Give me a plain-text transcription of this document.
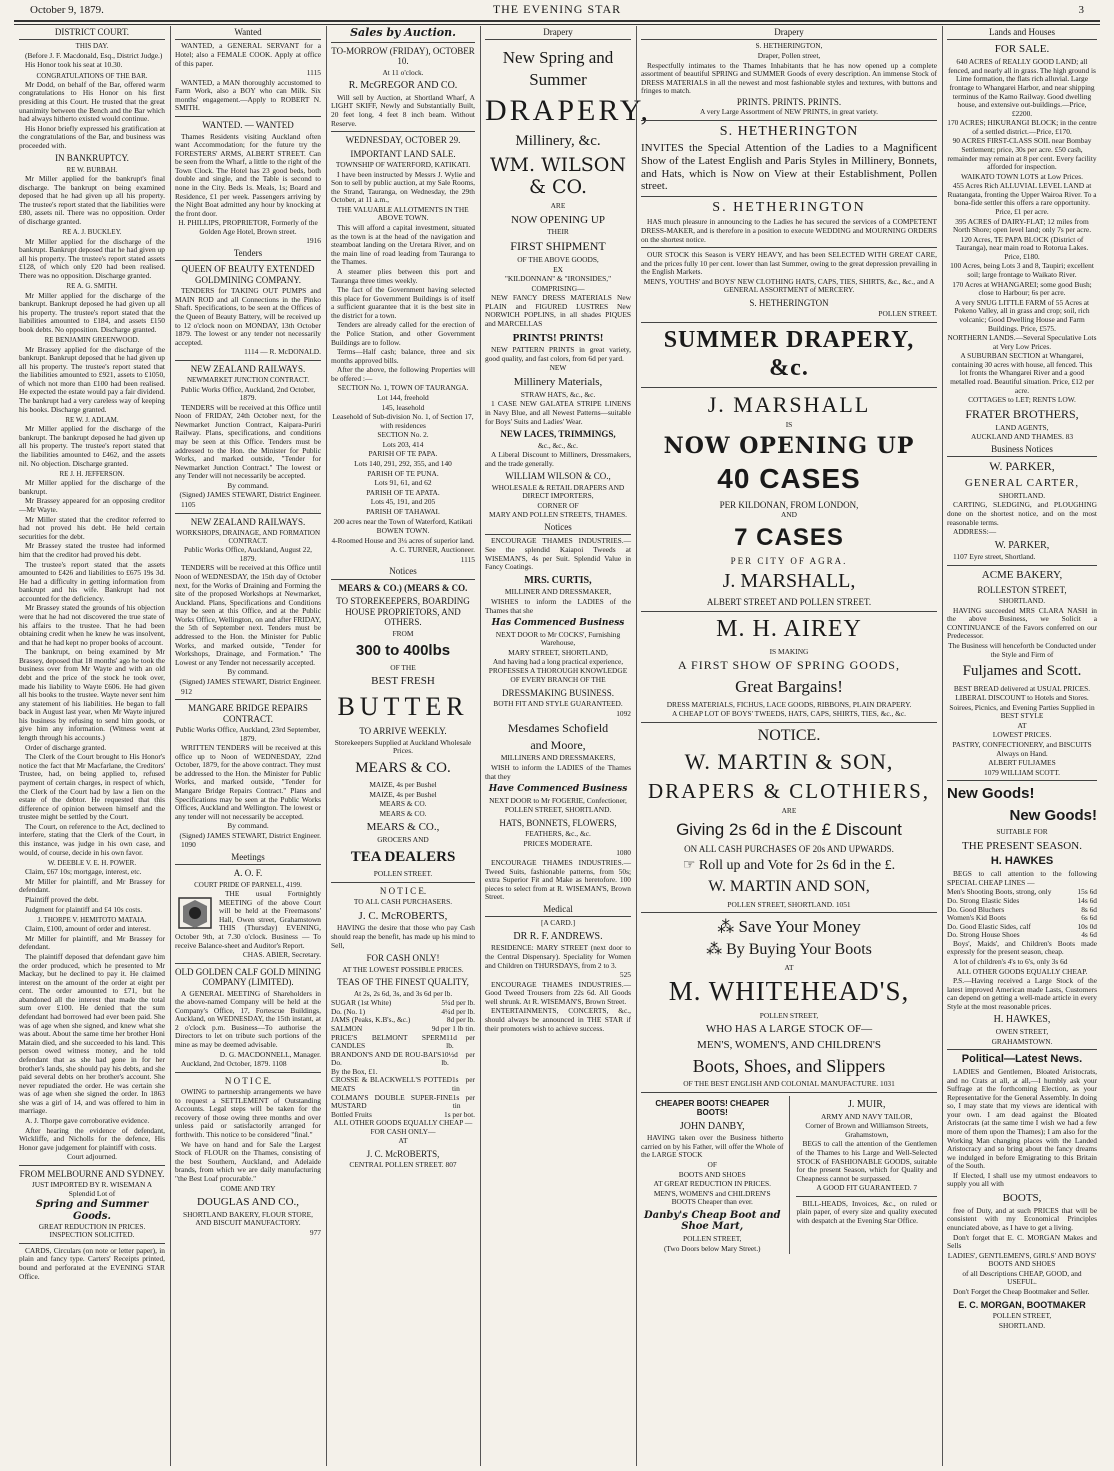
THE EVENING STAR
October 9, 1879.	3
DISTRICT COURT.
THIS DAY.

(Before J. F. Macdonald, Esq., District Judge.)

His Honor took his seat at 10.30.

CONGRATULATIONS OF THE BAR.

Mr Dodd, on behalf of the Bar, offered warm congratulations to His Honor on his first presiding at this Court. He trusted that the great unanimity between the Bench and the Bar which had always hitherto existed would continue.

His Honor briefly expressed his gratification at the congratulations of the Bar, and business was proceeded with.

IN BANKRUPTCY.
RE W. BURBAH.

Mr Miller applied for the bankrupt's final discharge. The bankrupt on being examined deposed that he had given up all his property. The trustee's report stated that the liabilities were £80, assets nil. There was no opposition. Order of discharge granted.

RE A. J. BUCKLEY.

Mr Miller applied for the discharge of the bankrupt. Bankrupt deposed that he had given up all his property. The trustee's report stated assets £128, of which only £20 had been realised. There was no opposition. Discharge granted.

RE A. G. SMITH.

Mr Miller applied for the discharge of the bankrupt. Bankrupt deposed he had given up all his property. The trustee's report stated that the liabilities amounted to £184, and assets £150 book debts. No opposition. Discharge granted.

RE BENJAMIN GREENWOOD.

Mr Brassey applied for the discharge of the bankrupt. Bankrupt deposed that he had given up all his property. The trustee's report stated that the liabilities amounted to £921, assets to £1050, of which not more than £100 had been realised. He expected the estate would pay a fair dividend. The bankrupt had a very careless way of keeping his books. Discharge granted.

RE W. J. ADLAM.

Mr Miller applied for the discharge of the bankrupt. The bankrupt deposed he had given up all his property. The trustee's report stated that the liabilities amounted to £462, and the assets nil. No objection. Discharge granted.

RE J. H. JEFFERSON.

Mr Miller applied for the discharge of the bankrupt.

Mr Brassey appeared for an opposing creditor—Mr Wayte.

Mr Miller stated that the creditor referred to had not proved his debt. He held certain securities for the debt.

Mr Brassey stated the trustee had informed him that the creditor had proved his debt.

The trustee's report stated that the assets amounted to £426 and liabilities to £675 19s 3d. He had a difficulty in getting information from bankrupt and his wife. Bankrupt had not accounted for the deficiency.

Mr Brassey stated the grounds of his objection were that he had not discovered the true state of his affairs to the trustee. That he had been obtaining credit when he knew he was insolvent, and that he had kept no proper books of account.

The bankrupt, on being examined by Mr Brassey, deposed that 18 months' ago he took the business over from Mr Wayte and with an old debt and the price of the stock he took over, made his liability to Wayte £606. He had given all his books to the trustee. Wayte never sent him any statement of his liabilities. He began to fall back in August last year, when Mr Wayte injured his business by refusing to send him goods, or give him any information. (Witness went at length through his accounts.)

Order of discharge granted.

The Clerk of the Court brought to His Honor's notice the fact that Mr Macfarlane, the Creditors' Trustee, had, on being applied to, refused payment of certain charges, in respect of which, the Clerk of the Court had by law a lien on the estate of the debtor. He requested that this difference of opinion between himself and the trustee might be settled by the Court.

The Court, on reference to the Act, declined to interfere, stating that the Clerk of the Court, in this instance, was judge in his own case, and would, of course, decide in his own favor.

W. DEEBLE V. E. H. POWER.

Claim, £67 10s; mortgage, interest, etc.

Mr Miller for plaintiff, and Mr Brassey for defendant.

Plaintiff proved the debt.

Judgment for plaintiff and £4 10s costs.

J. THORPE V. HEMITOTO MATAIA.

Claim, £100, amount of order and interest.

Mr Miller for plaintiff, and Mr Brassey for defendant.

The plaintiff deposed that defendant gave him the order produced, which he presented to Mr Mackay, but he declined to pay it. He claimed interest on the amount of the order at eight per cent. The order amounted to £71, but he abandoned all the interest that made the total sum over £100. He denied that the sum defendant had borrowed had ever been paid. She was of age when she signed, and knew what she was about. About the same time her brother Honi Matain died, and she succeeded to his land. This person owed witness money, and he told defendant that as she had gone in for her brother's lands, she should pay his debts, and she paid several debts on her brother's account. She never repudiated the order. He was certain she was of age when she signed the order. In 1863 she was a girl of 14, and was offered to him in marriage.

A. J. Thorpe gave corroborative evidence.

After hearing the evidence of defendant, Wickliffe, and Nicholls for the defence, His Honor gave judgement for plaintiff with costs.

Court adjourned.

FROM MELBOURNE AND SYDNEY.

JUST IMPORTED BY R. WISEMAN A Splendid Lot of

Spring and Summer Goods.

GREAT REDUCTION IN PRICES. INSPECTION SOLICITED.

CARDS, Circulars (on note or letter paper), in plain and fancy type. Carters' Receipts printed, bound and perforated at the EVENING STAR Office.

Wanted

WANTED, a GENERAL SERVANT for a Hotel; also a FEMALE COOK. Apply at office of this paper.

1115

WANTED, a MAN thoroughly accustomed to Farm Work, also a BOY who can Milk. Six months' engagement.—Apply to ROBERT N. SMITH.

WANTED. — WANTED

Thames Residents visiting Auckland often want Accommodation; for the future try the FORESTERS' ARMS, ALBERT STREET. Can be seen from the Wharf, a little to the right of the Town Clock. The Hotel has 23 good beds, both double and single, and the Table is second to none in the City. Beds 1s. Meals, 1s; Board and Residence, £1 per week. Passengers arriving by the Night Boat admitted any hour by knocking at the front door.

H. PHILLIPS, PROPRIETOR, Formerly of the Golden Age Hotel, Brown street.

1916

Tenders
QUEEN OF BEAUTY EXTENDED GOLDMINING COMPANY.

TENDERS for TAKING OUT PUMPS and MAIN ROD and all Connections in the Pinko Shaft. Specifications, to be seen at the Offices of the Queen of Beauty Battery, will be received up to 12 o'clock noon on MONDAY, 13th October 1879. The lowest or any tender not necessarily accepted.

1114 — R. McDONALD.

NEW ZEALAND RAILWAYS.
NEWMARKET JUNCTION CONTRACT.

Public Works Office, Auckland, 2nd October, 1879.

TENDERS will be received at this Office until Noon of FRIDAY, 24th October next, for the Newmarket Junction Contract, Kaipara-Puriri Railway. Plans, specifications, and conditions may be seen at this Office. Tenders must be addressed to the Hon. the Minister for Public Works, and marked outside, "Tender for Newmarket Junction Contract." The lowest or any Tender will not necessarily be accepted.

By command.

(Signed) JAMES STEWART, District Engineer.

1105

NEW ZEALAND RAILWAYS.
WORKSHOPS, DRAINAGE, AND FORMATION CONTRACT.

Public Works Office, Auckland, August 22, 1879.

TENDERS will be received at this Office until Noon of WEDNESDAY, the 15th day of October next, for the Works of Draining and Forming the site of the proposed Workshops at Newmarket, Auckland. Plans, Specifications and Conditions may be seen at this Office, and at the Public Works Office, Wellington, on and after FRIDAY, the 5th of September next. Tenders must be addressed to the Hon. the Minister for Public Works, and marked outside, "Tender for Workshops, Drainage, and Formation." The Lowest or any Tender not necessarily accepted.

By command.

(Signed) JAMES STEWART, District Engineer.

912

MANGARE BRIDGE REPAIRS CONTRACT.

Public Works Office, Auckland, 23rd September, 1879.

WRITTEN TENDERS will be received at this office up to Noon of WEDNESDAY, 22nd October, 1879, for the above contract. They must be addressed to the Hon. the Minister for Public Works, and marked outside, "Tender for Mangare Bridge Repairs Contract." Plans and Specifications may be seen at the Public Works Offices, Auckland and Wellington. The lowest or any tender will not necessarily be accepted.

By command.

(Signed) JAMES STEWART, District Engineer.

1090

Meetings
A. O. F.
COURT PRIDE OF PARNELL, 4199.

THE usual Fortnightly MEETING of the above Court will be held at the Freemasons' Hall, Owen street, Grahamstown THIS (Thursday) EVENING, October 9th, at 7.30 o'clock. Business — To receive Balance-sheet and Auditor's Report.

CHAS. ABIER, Secretary.

OLD GOLDEN CALF GOLD MINING COMPANY (LIMITED).

A GENERAL MEETING of Shareholders in the above-named Company will be held at the Company's Office, 17, Fortescue Buildings, Auckland, on WEDNESDAY, the 15th instant, at 2 o'clock p.m. Business—To authorise the Directors to let on tribute such portions of the mine as may be deemed advisable.

D. G. MACDONNELL, Manager.

Auckland, 2nd October, 1879. 1108

N O T I C E.

OWING to partnership arrangements we have to request a SETTLEMENT of Outstanding Accounts. Legal steps will be taken for the recovery of those owing three months and over unless paid or satisfactorily arranged for forthwith. This notice to be considered "final."

We have on hand and for Sale the Largest Stock of FLOUR on the Thames, consisting of the best Southern, Auckland, and Adelaide brands, from which we are daily manufacturing "the Best Loaf procurable."

COME AND TRY

DOUGLAS AND CO.,

SHORTLAND BAKERY, FLOUR STORE, AND BISCUIT MANUFACTORY.

977

Sales by Auction.
TO-MORROW (FRIDAY), OCTOBER 10.

At 11 o'clock.

R. McGREGOR AND CO.

Will sell by Auction, at Shortland Wharf, A LIGHT SKIFF, Newly and Substantially Built, 20 feet long, 4 feet 8 inch beam. Without Reserve.

WEDNESDAY, OCTOBER 29.
IMPORTANT LAND SALE.

TOWNSHIP OF WATERFORD, KATIKATI.

I have been instructed by Messrs J. Wylie and Son to sell by public auction, at my Sale Rooms, the Strand, Tauranga, on Wednesday, the 29th October, at 11 a.m.,

THE VALUABLE ALLOTMENTS IN THE ABOVE TOWN.

This will afford a capital investment, situated as the town is at the head of the navigation and steamboat landing on the Uretara River, and on the main line of road leading from Tauranga to the Thames.

A steamer plies between this port and Tauranga three times weekly.

The fact of the Government having selected this place for Government Buildings is of itself a sufficient guarantee that it is the best site in the district for a town.

Tenders are already called for the erection of the Police Station, and other Government Buildings are to follow.

Terms—Half cash; balance, three and six months approved bills.

After the above, the following Properties will be offered :—

SECTION No. 1, TOWN OF TAURANGA.

Lot 144, freehold

145, leasehold

Leasehold of Sub-division No. 1, of Section 17, with residences

SECTION No. 2.

Lots 203, 414

PARISH OF TE PAPA.

Lots 140, 291, 292, 355, and 140

PARISH OF TE PUNA.

Lots 91, 61, and 62

PARISH OF TE APATA.

Lots 45, 191, and 205

PARISH OF TAHAWAI.

200 acres near the Town of Waterford, Katikati

BOWEN TOWN.

4-Roomed House and 3¼ acres of superior land.

A. C. TURNER, Auctioneer.

1115

Notices
MEARS & CO.) (MEARS & CO.
TO STOREKEEPERS, BOARDING HOUSE PROPRIETORS, AND OTHERS.

FROM

300 to 400lbs

OF THE

BEST FRESH
BUTTER
TO ARRIVE WEEKLY.

Storekeepers Supplied at Auckland Wholesale Prices.

MEARS & CO.

MAIZE, 4s per Bushel

MAIZE, 4s per Bushel

MEARS & CO.

MEARS & CO.

MEARS & CO.,

GROCERS AND

TEA DEALERS

POLLEN STREET.

N O T I C E.

TO ALL CASH PURCHASERS.

J. C. McROBERTS,

HAVING the desire that those who pay Cash should reap the benefit, has made up his mind to Sell,

FOR CASH ONLY!

AT THE LOWEST POSSIBLE PRICES.

TEAS OF THE FINEST QUALITY,

At 2s, 2s 6d, 3s, and 3s 6d per lb.

SUGAR (1st White)	5¼d per lb.
Do. (No. 1)	4¼d per lb.
JAMS (Peaks, K.B's., &c.)	8d per lb.
SALMON	9d per 1 lb tin.
PRICE'S BELMONT SPERM CANDLES
11d per lb.
BRANDON'S AND DE ROU-BAI'S Do.
10½d per lb.
By the Box, £1.
CROSSE & BLACKWELL'S POTTED MEATS
1s per tin
COLMAN'S DOUBLE SUPER-FINE MUSTARD
1s per tin
Bottled Fruits	1s per bot.

ALL OTHER GOODS EQUALLY CHEAP —FOR CASH ONLY—

AT

J. C. McROBERTS,

CENTRAL POLLEN STREET. 807

Drapery
New Spring and
Summer
DRAPERY,
Millinery, &c.
WM. WILSON & CO.

ARE

NOW OPENING UP

THEIR

FIRST SHIPMENT

OF THE ABOVE GOODS,

EX

"KILDONNAN" & "IRONSIDES,"

COMPRISING—

NEW FANCY DRESS MATERIALS New PLAIN and FIGURED LUSTRES New NORWICH POPLINS, in all shades PIQUES and MARCELLAS

PRINTS! PRINTS!

NEW PATTERN PRINTS in great variety, good quality, and fast colors, from 6d per yard.

NEW

Millinery Materials,

STRAW HATS, &c., &c.

1 CASE NEW GALATEA STRIPE LINENS in Navy Blue, and all Newest Patterns—suitable for Boys' Suits and Ladies' Wear.

NEW LACES, TRIMMINGS,

&c., &c., &c.

A Liberal Discount to Milliners, Dressmakers, and the trade generally.

WILLIAM WILSON & CO.,

WHOLESALE & RETAIL DRAPERS AND DIRECT IMPORTERS,

CORNER OF

MARY AND POLLEN STREETS, THAMES.

Notices

ENCOURAGE THAMES INDUSTRIES.—See the splendid Kaiapoi Tweeds at WISEMAN'S, 4s per Suit. Splendid Value in Fancy Coatings.

MRS. CURTIS,

MILLINER AND DRESSMAKER,

WISHES to inform the LADIES of the Thames that she

Has Commenced Business

NEXT DOOR to Mr COCKS', Furnishing Warehouse,

MARY STREET, SHORTLAND,

And having had a long practical experience, PROFESSES A THOROUGH KNOWLEDGE

OF EVERY BRANCH OF THE

DRESSMAKING BUSINESS.

BOTH FIT AND STYLE GUARANTEED.

1092

Mesdames Schofield
and Moore,

MILLINERS AND DRESSMAKERS,

WISH to inform the LADIES of the Thames that they

Have Commenced Business

NEXT DOOR to Mr FOGERIE, Confectioner,

POLLEN STREET, SHORTLAND.

HATS, BONNETS, FLOWERS,

FEATHERS, &c., &c.

PRICES MODERATE.

1080

ENCOURAGE THAMES INDUSTRIES.—Tweed Suits, fashionable patterns, from 50s; extra Superior Fit and Make as heretofore. 100 pieces to select from at R. WISEMAN'S, Brown Street.

Medical

[A CARD.]

DR R. F. ANDREWS.

RESIDENCE: MARY STREET (next door to the Central Dispensary). Speciality for Women and Children on THURSDAYS, from 2 to 3.

525

ENCOURAGE THAMES INDUSTRIES.—Good Tweed Trousers from 22s 6d. All Goods well shrunk. At R. WISEMAN'S, Brown Street.

ENTERTAINMENTS, CONCERTS, &c., should always be announced in THE STAR if their promoters wish to achieve success.

Drapery

S. HETHERINGTON,

Draper, Pollen street,

Respectfully intimates to the Thames Inhabitants that he has now opened up a complete assortment of beautiful SPRING and SUMMER Goods of every description. An immense Stock of DRESS MATERIALS in all the newest and most fashionable styles and textures, with buttons and fringes to match.

PRINTS. PRINTS. PRINTS.

A very Large Assortment of NEW PRINTS, in great variety.

S. HETHERINGTON

INVITES the Special Attention of the Ladies to a Magnificent Show of the Latest English and Paris Styles in Millinery, Bonnets, and Hats, which is Now on View at their Establishment, Pollen street.

S. HETHERINGTON

HAS much pleasure in announcing to the Ladies he has secured the services of a COMPETENT DRESS-MAKER, and is therefore in a position to execute WEDDING and MOURNING ORDERS on the shortest notice.

OUR STOCK this Season is VERY HEAVY, and has been SELECTED WITH GREAT CARE, and the prices fully 10 per cent. lower than last Summer, owing to the great depression prevailing in the English Markets.

MEN'S, YOUTHS' and BOYS' NEW CLOTHING HATS, CAPS, TIES, SHIRTS, &c., &c., and A GENERAL ASSORTMENT of MERCERY.

S. HETHERINGTON

POLLEN STREET.

SUMMER DRAPERY, &c.
J. MARSHALL

IS

NOW OPENING UP
40 CASES

PER KILDONAN, FROM LONDON,

AND

7 CASES

PER CITY OF AGRA.

J. MARSHALL,

ALBERT STREET AND POLLEN STREET.

M. H. AIREY

IS MAKING

A FIRST SHOW OF SPRING GOODS,
Great Bargains!

DRESS MATERIALS, FICHUS, LACE GOODS, RIBBONS, PLAIN DRAPERY.

A CHEAP LOT OF BOYS' TWEEDS, HATS, CAPS, SHIRTS, TIES, &c., &c.

NOTICE.
W. MARTIN & SON,
DRAPERS & CLOTHIERS,

ARE

Giving 2s 6d in the £ Discount

ON ALL CASH PURCHASES OF 20s AND UPWARDS.

☞ Roll up and Vote for 2s 6d in the £.
W. MARTIN AND SON,

POLLEN STREET, SHORTLAND. 1051

⁂ Save Your Money
⁂ By Buying Your Boots

AT

M. WHITEHEAD'S,

POLLEN STREET,

WHO HAS A LARGE STOCK OF—
MEN'S, WOMEN'S, AND CHILDREN'S
Boots, Shoes, and Slippers

OF THE BEST ENGLISH AND COLONIAL MANUFACTURE. 1031

CHEAPER BOOTS! CHEAPER BOOTS!
JOHN DANBY,

HAVING taken over the Business hitherto carried on by his Father, will offer the Whole of the LARGE STOCK

OF

BOOTS AND SHOES

AT GREAT REDUCTION IN PRICES.

MEN'S, WOMEN'S and CHILDREN'S BOOTS Cheaper than ever.

Danby's Cheap Boot and Shoe Mart,

POLLEN STREET,

(Two Doors below Mary Street.)

J. MUIR,

ARMY AND NAVY TAILOR,

Corner of Brown and Williamson Streets, Grahamstown,

BEGS to call the attention of the Gentlemen of the Thames to his Large and Well-Selected STOCK of FASHIONABLE GOODS, suitable for the present Season, which for Quality and Cheapness cannot be surpassed.

A GOOD FIT GUARANTEED. 7

BILL-HEADS, Invoices, &c., on ruled or plain paper, of every size and quality executed with despatch at the Evening Star Office.

Lands and Houses
FOR SALE.

640 ACRES of REALLY GOOD LAND; all fenced, and nearly all in grass. The high ground is Lime formation, the flats rich alluvial. Large frontage to Whangarei Harbor, and near shipping terminus of the Kamo Railway. Good dwelling house, and extensive out-buildings.—Price, £2200.

170 ACRES; HIKURANGI BLOCK; in the centre of a settled district.—Price, £170.

90 ACRES FIRST-CLASS SOIL near Bombay Settlement; price, 30s per acre. £50 cash, remainder may remain at 8 per cent. Every facility afforded for inspection.

WAIKATO TOWN LOTS at Low Prices.

455 Acres Rich ALLUVIAL LEVEL LAND at Ruatangata, fronting the Upper Wairoa River. To a bona-fide settler this offers a rare opportunity. Price, £1 per acre.

395 ACRES of DAIRY-FLAT; 12 miles from North Shore; open level land; only 7s per acre.

120 Acres, TE PAPA BLOCK (District of Tauranga), near main road to Rotorua Lakes. Price, £180.

100 Acres, being Lots 3 and 8, Taupiri; excellent soil; large frontage to Waikato River.

170 Acres at WHANGAREI; some good Bush; close to Harbour; 6s per acre.

A very SNUG LITTLE FARM of 55 Acres at Pokeno Valley, all in grass and crop; soil, rich volcanic; Good Dwelling House and Farm Buildings. Price, £575.

NORTHERN LANDS.—Several Speculative Lots at Very Low Prices.

A SUBURBAN SECTION at Whangarei, containing 30 acres with house, all fenced. This lot fronts the Whangarei River and a good metalled road. Beautiful situation. Price, £12 per acre.

COTTAGES to LET; RENTS LOW.

FRATER BROTHERS,

LAND AGENTS,

AUCKLAND AND THAMES. 83

Business Notices
W. PARKER,
GENERAL CARTER,

SHORTLAND.

CARTING, SLEDGING, and PLOUGHING done on the shortest notice, and on the most reasonable terms.

ADDRESS:—

W. PARKER,

1107 Eyre street, Shortland.

ACME BAKERY,
ROLLESTON STREET,

SHORTLAND.

HAVING succeeded MRS CLARA NASH in the above Business, we Solicit a CONTINUANCE of the Favors conferred on our Predecessor.

The Business will henceforth be Conducted under the Style and Firm of

Fuljames and Scott.

BEST BREAD delivered at USUAL PRICES.

LIBERAL DISCOUNT to Hotels and Stores.

Soirees, Picnics, and Evening Parties Supplied in BEST STYLE

AT

LOWEST PRICES.

PASTRY, CONFECTIONERY, and BISCUITS Always on Hand.

ALBERT FULJAMES

1079 WILLIAM SCOTT.

New Goods!
New Goods!

SUITABLE FOR

THE PRESENT SEASON.
H. HAWKES

BEGS to call attention to the following SPECIAL CHEAP LINES —

Men's Shooting Boots, strong, only	15s 6d
Do. Strong Elastic Sides	14s 6d
Do. Good Bluchers	8s 6d
Women's Kid Boots	6s 6d
Do. Good Elastic Sides, calf	10s 0d
Do. Strong House Shoes	4s 6d

Boys', Maids', and Children's Boots made expressly for the present season, cheap.

A lot of children's 4's to 6's, only 3s 6d

ALL OTHER GOODS EQUALLY CHEAP.

P.S.—Having received a Large Stock of the latest improved American made Lasts, Customers can depend on getting a well-made article in every Style at the most reasonable prices.

H. HAWKES,

OWEN STREET,

GRAHAMSTOWN.

Political—Latest News.

LADIES and Gentlemen, Bloated Aristocrats, and no Crats at all, at all,—I humbly ask your Suffrage at the forthcoming Election, as your Representative for the General Assembly. In doing so, I may state that my views are identical with your own. I am dead against the Bloated Aristocrats (at the same time I wish we had a few more of them upon the Thames); I am also for the Working Man changing places with the Landed Aristocracy and so bring about the fancy dreams we indulged in before Emigrating to this Britain of the South.

If Elected, I shall use my utmost endeavors to supply you all with

BOOTS,

free of Duty, and at such PRICES that will be consistent with my Economical Principles enunciated above, as I have to get a living.

Don't forget that E. C. MORGAN Makes and Sells

LADIES', GENTLEMEN'S, GIRLS' AND BOYS' BOOTS AND SHOES

of all Descriptions CHEAP, GOOD, and USEFUL.

Don't Forget the Cheap Bootmaker and Seller.

E. C. MORGAN, BOOTMAKER

POLLEN STREET,

SHORTLAND.
